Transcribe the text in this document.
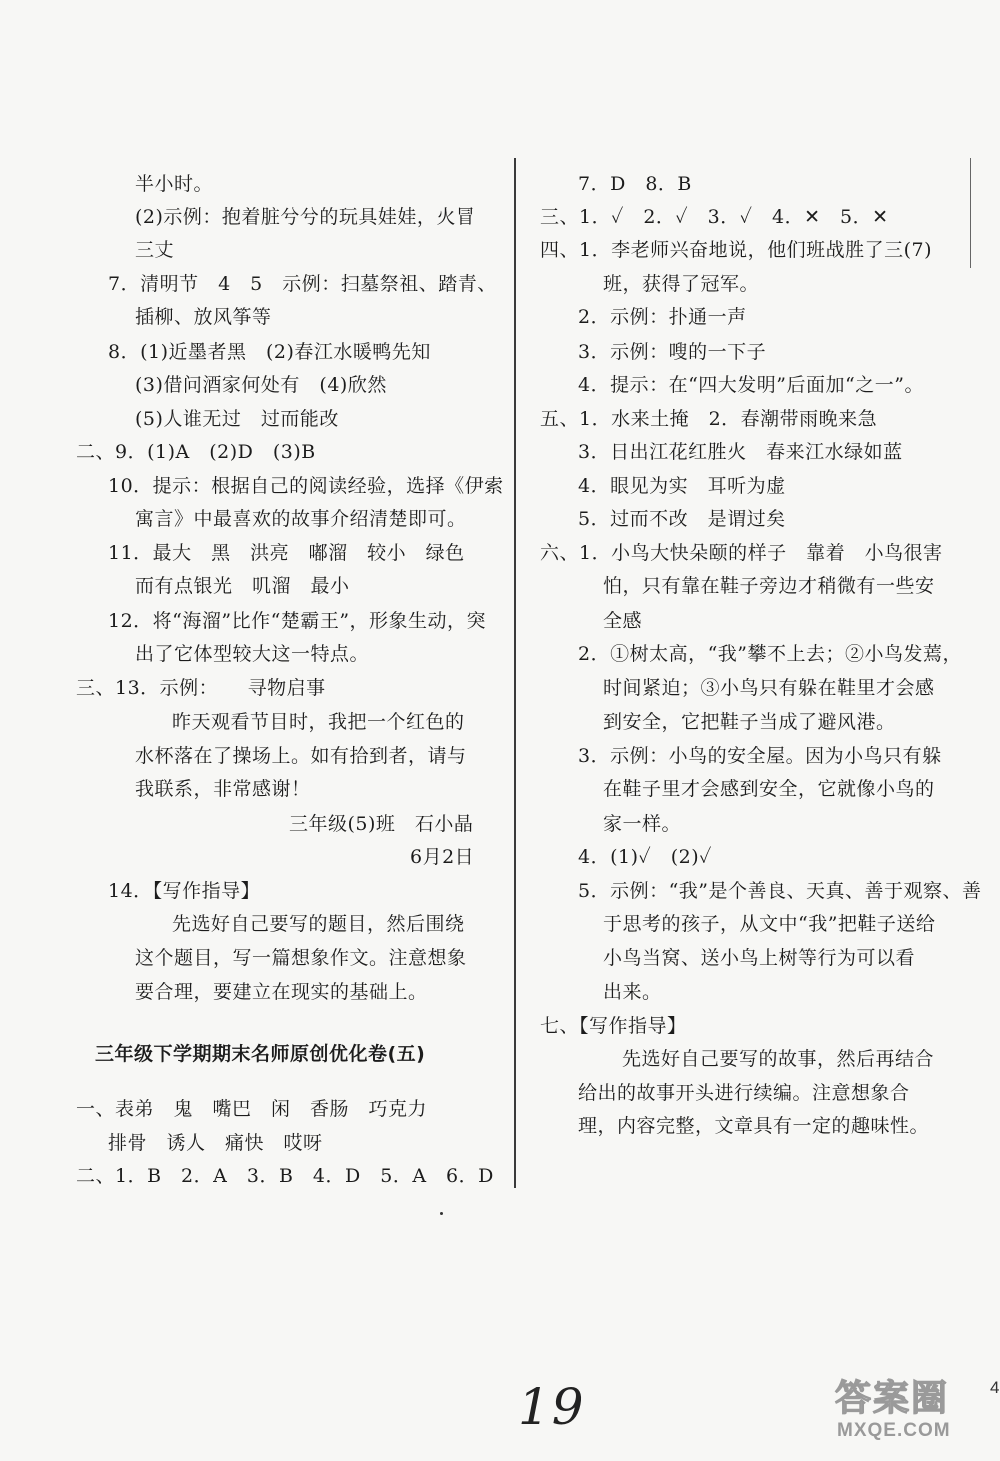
半小时。
(2)示例：抱着脏兮兮的玩具娃娃，火冒
三丈
7．清明节　4　5　示例：扫墓祭祖、踏青、
插柳、放风筝等
8．(1)近墨者黑　(2)春江水暖鸭先知
(3)借问酒家何处有　(4)欣然
(5)人谁无过　过而能改
二、9．(1)A　(2)D　(3)B
10．提示：根据自己的阅读经验，选择《伊索
寓言》中最喜欢的故事介绍清楚即可。
11．最大　黑　洪亮　嘟溜　较小　绿色
而有点银光　叽溜　最小
12．将“海溜”比作“楚霸王”，形象生动，突
出了它体型较大这一特点。
三、13．示例：　　寻物启事
昨天观看节目时，我把一个红色的
水杯落在了操场上。如有拾到者，请与
我联系，非常感谢！
三年级(5)班　石小晶
6月2日
14．【写作指导】
先选好自己要写的题目，然后围绕
这个题目，写一篇想象作文。注意想象
要合理，要建立在现实的基础上。
三年级下学期期末名师原创优化卷(五)
一、表弟　鬼　嘴巴　闲　香肠　巧克力
排骨　诱人　痛快　哎呀
二、1．B　2．A　3．B　4．D　5．A　6．D
7．D　8．B
三、1．✓　2．✓　3．✓　4．✕　5．✕
四、1．李老师兴奋地说，他们班战胜了三(7)
班，获得了冠军。
2．示例：扑通一声
3．示例：嗖的一下子
4．提示：在“四大发明”后面加“之一”。
五、1．水来土掩　2．春潮带雨晚来急
3．日出江花红胜火　春来江水绿如蓝
4．眼见为实　耳听为虚
5．过而不改　是谓过矣
六、1．小鸟大快朵颐的样子　靠着　小鸟很害
怕，只有靠在鞋子旁边才稍微有一些安
全感
2．①树太高，“我”攀不上去；②小鸟发蔫，
时间紧迫；③小鸟只有躲在鞋里才会感
到安全，它把鞋子当成了避风港。
3．示例：小鸟的安全屋。因为小鸟只有躲
在鞋子里才会感到安全，它就像小鸟的
家一样。
4．(1)✓　(2)✓
5．示例：“我”是个善良、天真、善于观察、善
于思考的孩子，从文中“我”把鞋子送给
小鸟当窝、送小鸟上树等行为可以看
出来。
七、【写作指导】
先选好自己要写的故事，然后再结合
给出的故事开头进行续编。注意想象合
理，内容完整，文章具有一定的趣味性。
19	4
答案圈
MXQE.COM
